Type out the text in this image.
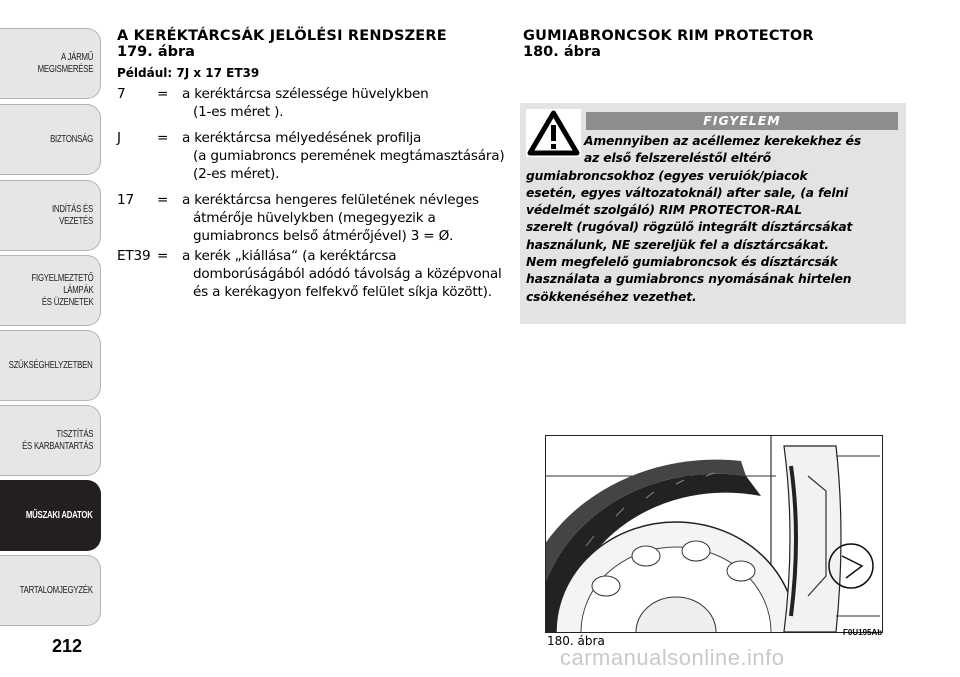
A JÁRMŰ
MEGISMERÉSE
BIZTONSÁG
INDÍTÁS ÉS VEZETÉS
FIGYELMEZTETŐ
LÁMPÁK
ÉS ÜZENETEK
SZÜKSÉGHELYZETBEN
TISZTÍTÁS
ÉS KARBANTARTÁS
MŰSZAKI ADATOK
TARTALOMJEGYZÉK
212

A KERÉKTÁRCSÁK JELÖLÉSI RENDSZERE

179. ábra

Például: 7J x 17 ET39

7	=	a keréktárcsa szélessége hüvelykben
(1-es méret ).
J	=	a keréktárcsa mélyedésének profilja
(a gumiabroncs peremének megtámasztására)
(2-es méret).
17	=	a keréktárcsa hengeres felületének névleges
átmérője hüvelykben (megegyezik a
gumiabroncs belső átmérőjével) 3 = Ø.
ET39 =	a kerék „kiállása“ (a keréktárcsa
domborúságából adódó távolság a középvonal
és a kerékagyon felfekvő felület síkja között).

GUMIABRONCSOK RIM PROTECTOR

180. ábra

FIGYELEM
Amennyiben az acéllemez kerekekhez és
az első felszereléstől eltérő
gumiabroncsokhoz (egyes veruiók/piacok
esetén, egyes változatoknál) after sale, (a felni
védelmét szolgáló) RIM PROTECTOR-RAL
szerelt (rugóval) rögzülő integrált dísztárcsákat
használunk, NE szereljük fel a dísztárcsákat.
Nem megfelelő gumiabroncsok és dísztárcsák
használata a gumiabroncs nyomásának hirtelen
csökkenéséhez vezethet.
180. ábra
F0U195Ab
carmanualsonline.info
